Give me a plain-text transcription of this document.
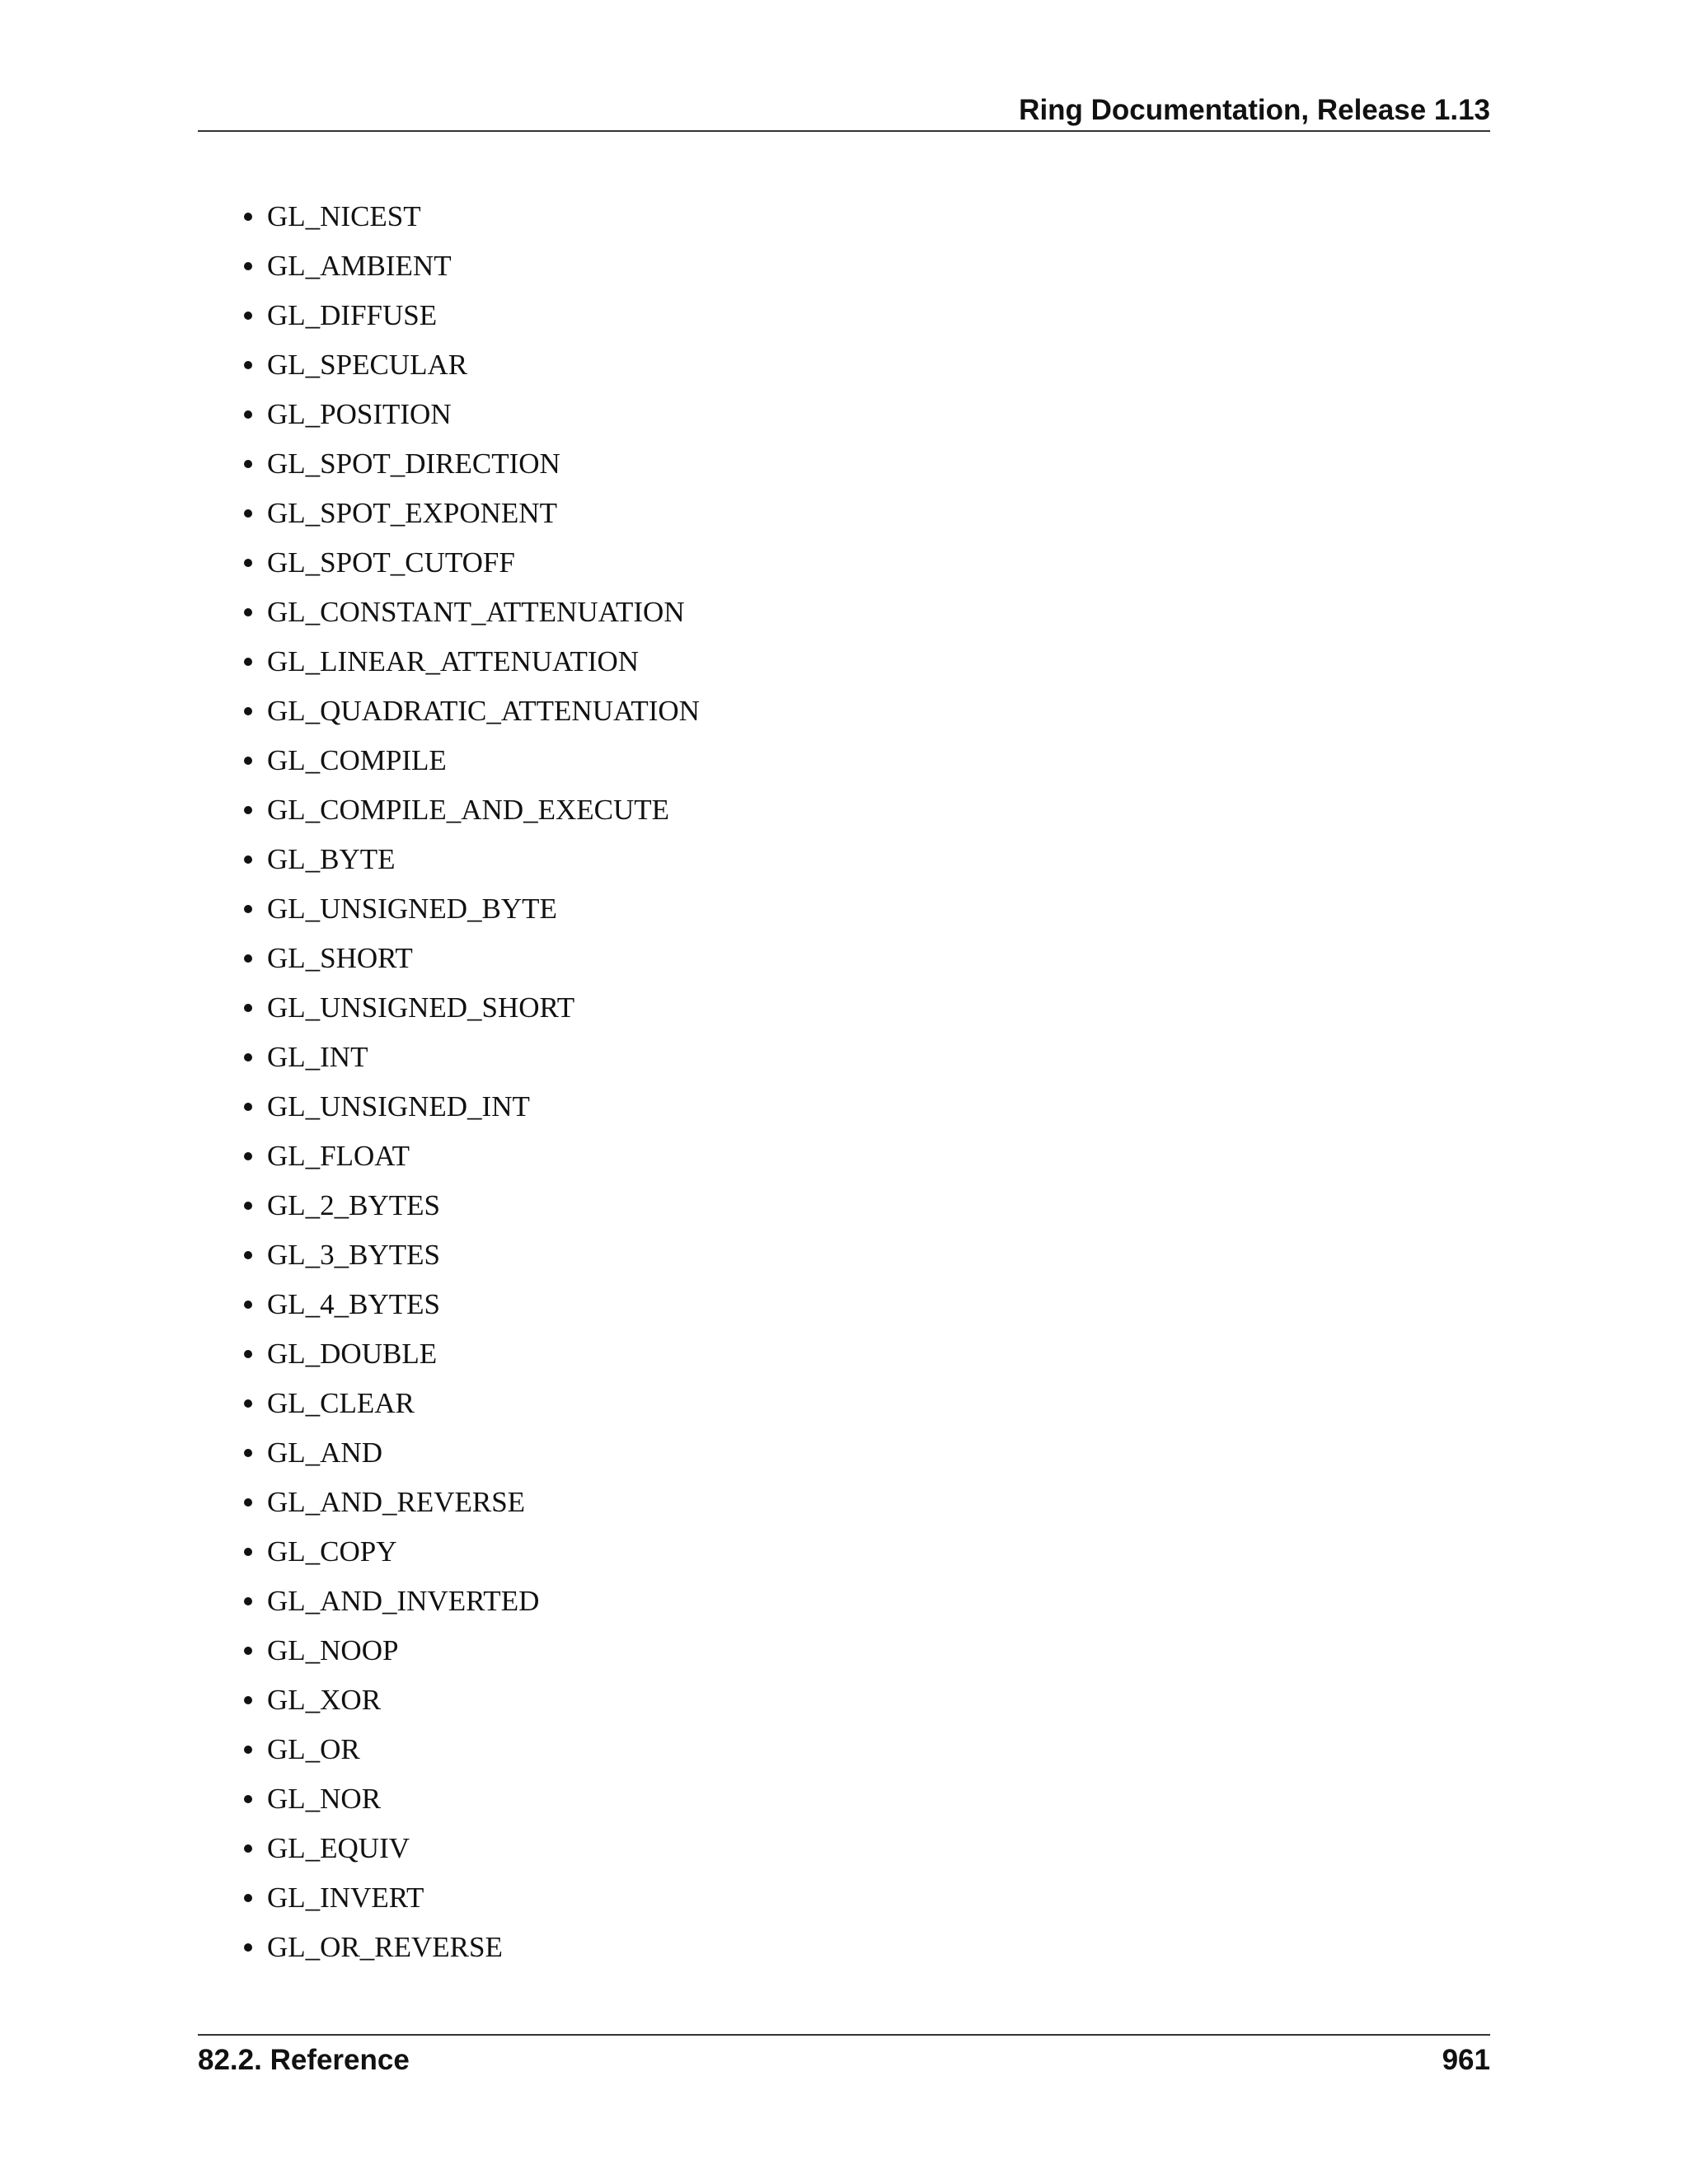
Ring Documentation, Release 1.13
GL_NICEST
GL_AMBIENT
GL_DIFFUSE
GL_SPECULAR
GL_POSITION
GL_SPOT_DIRECTION
GL_SPOT_EXPONENT
GL_SPOT_CUTOFF
GL_CONSTANT_ATTENUATION
GL_LINEAR_ATTENUATION
GL_QUADRATIC_ATTENUATION
GL_COMPILE
GL_COMPILE_AND_EXECUTE
GL_BYTE
GL_UNSIGNED_BYTE
GL_SHORT
GL_UNSIGNED_SHORT
GL_INT
GL_UNSIGNED_INT
GL_FLOAT
GL_2_BYTES
GL_3_BYTES
GL_4_BYTES
GL_DOUBLE
GL_CLEAR
GL_AND
GL_AND_REVERSE
GL_COPY
GL_AND_INVERTED
GL_NOOP
GL_XOR
GL_OR
GL_NOR
GL_EQUIV
GL_INVERT
GL_OR_REVERSE
82.2. Reference	961
